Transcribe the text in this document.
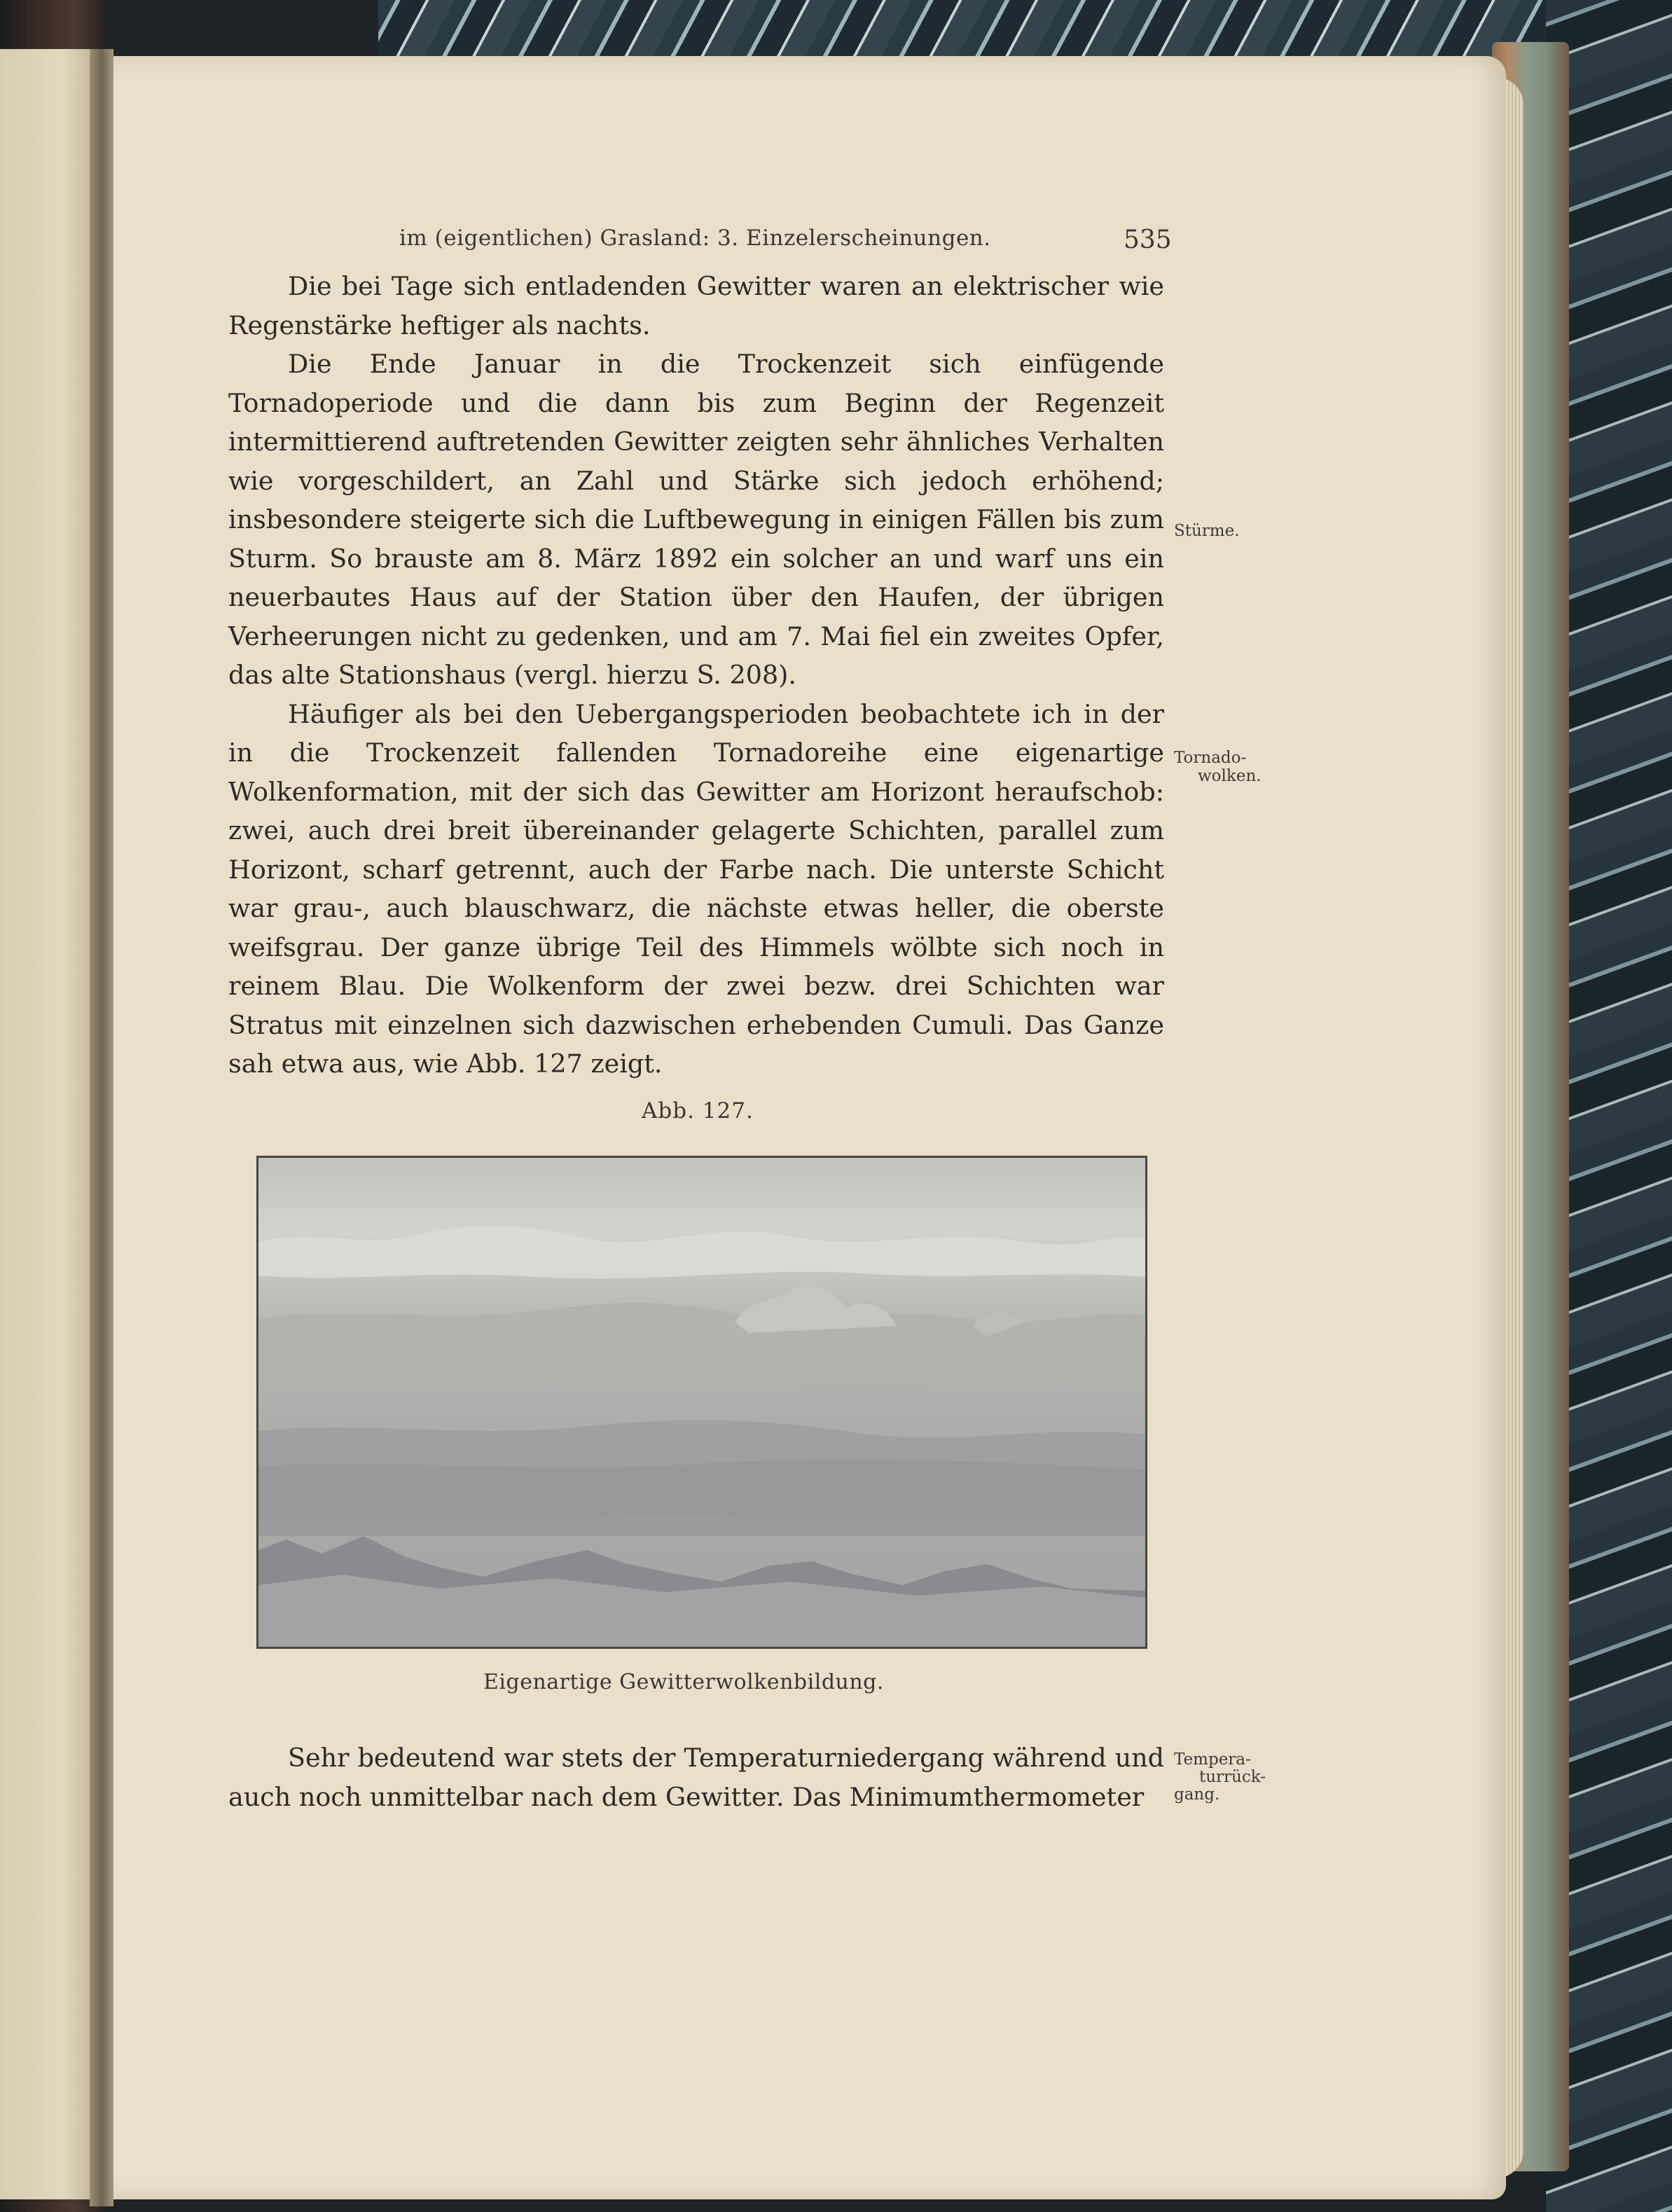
im (eigentlichen) Grasland: 3. Einzelerscheinungen.	535

Die bei Tage sich entladenden Gewitter waren an elektrischer wie Regenstärke heftiger als nachts.

Die Ende Januar in die Trockenzeit sich einfügende Tornadoperiode und die dann bis zum Beginn der Regenzeit intermittierend auftretenden Gewitter zeigten sehr ähnliches Verhalten wie vorgeschildert, an Zahl und Stärke sich jedoch erhöhend; insbesondere steigerte sich die Luftbewegung in einigen Fällen bis zum Sturm. So brauste am 8. März 1892 ein solcher an und warf uns ein neuerbautes Haus auf der Station über den Haufen, der übrigen Verheerungen nicht zu gedenken, und am 7. Mai fiel ein zweites Opfer, das alte Stationshaus (vergl. hierzu S. 208).

Häufiger als bei den Uebergangsperioden beobachtete ich in der in die Trockenzeit fallenden Tornadoreihe eine eigenartige Wolkenformation, mit der sich das Gewitter am Horizont heraufschob: zwei, auch drei breit übereinander gelagerte Schichten, parallel zum Horizont, scharf getrennt, auch der Farbe nach. Die unterste Schicht war grau-, auch blauschwarz, die nächste etwas heller, die oberste weifsgrau. Der ganze übrige Teil des Himmels wölbte sich noch in reinem Blau. Die Wolkenform der zwei bezw. drei Schichten war Stratus mit einzelnen sich dazwischen erhebenden Cumuli. Das Ganze sah etwa aus, wie Abb. 127 zeigt.

Stürme.
Tornado-
wolken.
Abb. 127.
Eigenartige Gewitterwolkenbildung.

Sehr bedeutend war stets der Temperaturniedergang während und auch noch unmittelbar nach dem Gewitter. Das Minimumthermometer

Tempera-
turrück-
gang.
